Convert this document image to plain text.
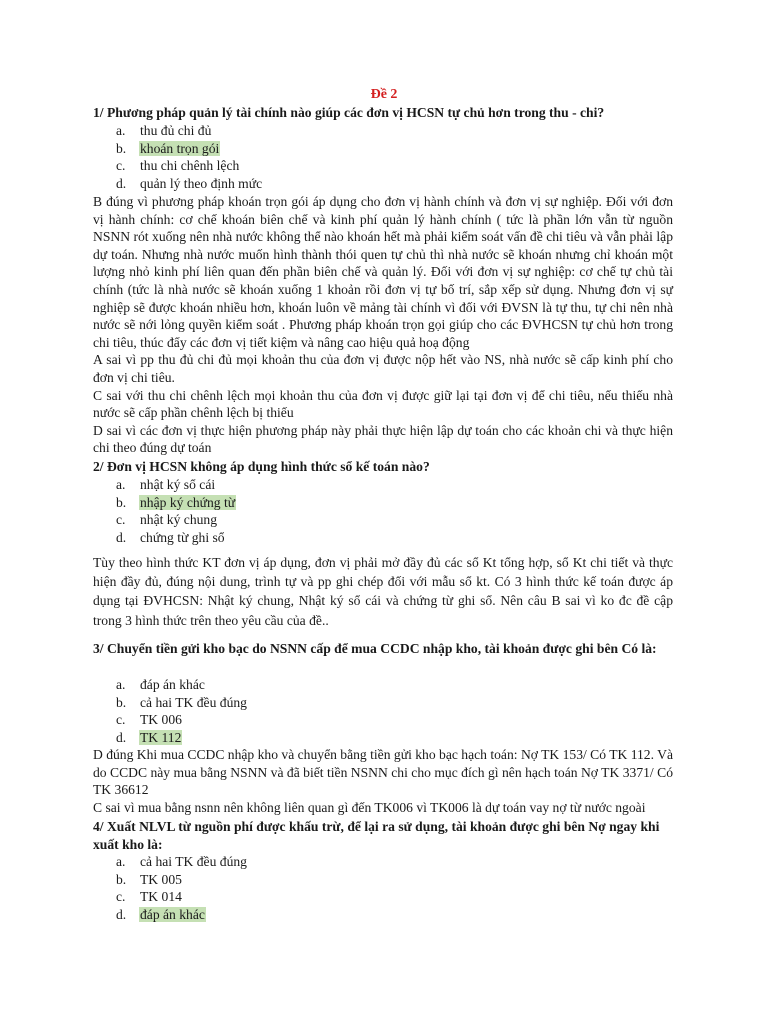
Đề 2
1/ Phương pháp quản lý tài chính nào giúp các đơn vị HCSN tự chủ hơn trong thu - chi?
a. thu đủ chi đủ
b. khoán trọn gói
c. thu chi chênh lệch
d. quản lý theo định mức

B đúng vì phương pháp khoán trọn gói áp dụng cho đơn vị hành chính và đơn vị sự nghiệp. Đối với đơn vị hành chính: cơ chế khoán biên chế và kinh phí quản lý hành chính ( tức là phần lớn vẫn từ nguồn NSNN rót xuống nên nhà nước không thể nào khoán hết mà phải kiểm soát vấn đề chi tiêu và vẫn phải lập dự toán. Nhưng nhà nước muốn hình thành thói quen tự chủ thì nhà nước sẽ khoán nhưng chỉ khoán một lượng nhỏ kinh phí liên quan đến phần biên chế và quản lý. Đối với đơn vị sự nghiệp: cơ chế tự chủ tài chính (tức là nhà nước sẽ khoán xuống 1 khoản rồi đơn vị tự bố trí, sắp xếp sử dụng. Nhưng đơn vị sự nghiệp sẽ được khoán nhiều hơn, khoán luôn về mảng tài chính vì đối với ĐVSN là tự thu, tự chi nên nhà nước sẽ nới lỏng quyền kiểm soát . Phương pháp khoán trọn gọi giúp cho các ĐVHCSN tự chủ hơn trong chi tiêu, thúc đẩy các đơn vị tiết kiệm và nâng cao hiệu quả hoạ động

A sai vì pp thu đủ chi đủ mọi khoản thu của đơn vị được nộp hết vào NS, nhà nước sẽ cấp kinh phí cho đơn vị chi tiêu.

C sai với thu chi chênh lệch mọi khoản thu của đơn vị được giữ lại tại đơn vị để chi tiêu, nếu thiếu nhà nước sẽ cấp phần chênh lệch bị thiếu

D sai vì các đơn vị thực hiện phương pháp này phải thực hiện lập dự toán cho các khoản chi và thực hiện chi theo đúng dự toán

2/ Đơn vị HCSN không áp dụng hình thức sổ kế toán nào?
a. nhật ký sổ cái
b. nhập ký chứng từ
c. nhật ký chung
d. chứng từ ghi sổ

Tùy theo hình thức KT đơn vị áp dụng, đơn vị phải mở đầy đủ các sổ Kt tổng hợp, sổ Kt chi tiết và thực hiện đầy đủ, đúng nội dung, trình tự và pp ghi chép đối với mẫu sổ kt. Có 3 hình thức kế toán được áp dụng tại ĐVHCSN: Nhật ký chung, Nhật ký sổ cái và chứng từ ghi sổ. Nên câu B sai vì ko đc đề cập trong 3 hình thức trên theo yêu cầu của đề..

3/ Chuyển tiền gửi kho bạc do NSNN cấp để mua CCDC nhập kho, tài khoản được ghi bên Có là:
a. đáp án khác
b. cả hai TK đều đúng
c. TK 006
d. TK 112

D đúng Khi mua CCDC nhập kho và chuyển bằng tiền gửi kho bạc hạch toán: Nợ TK 153/ Có TK 112. Và do CCDC này mua bằng NSNN và đã biết tiền NSNN chi cho mục đích gì nên hạch toán Nợ TK 3371/ Có TK 36612

C sai vì mua bằng nsnn nên không liên quan gì đến TK006 vì TK006 là dự toán vay nợ từ nước ngoài

4/ Xuất NLVL từ nguồn phí được khấu trừ, để lại ra sử dụng, tài khoản được ghi bên Nợ ngay khi xuất kho là:
a. cả hai TK đều đúng
b. TK 005
c. TK 014
d. đáp án khác
